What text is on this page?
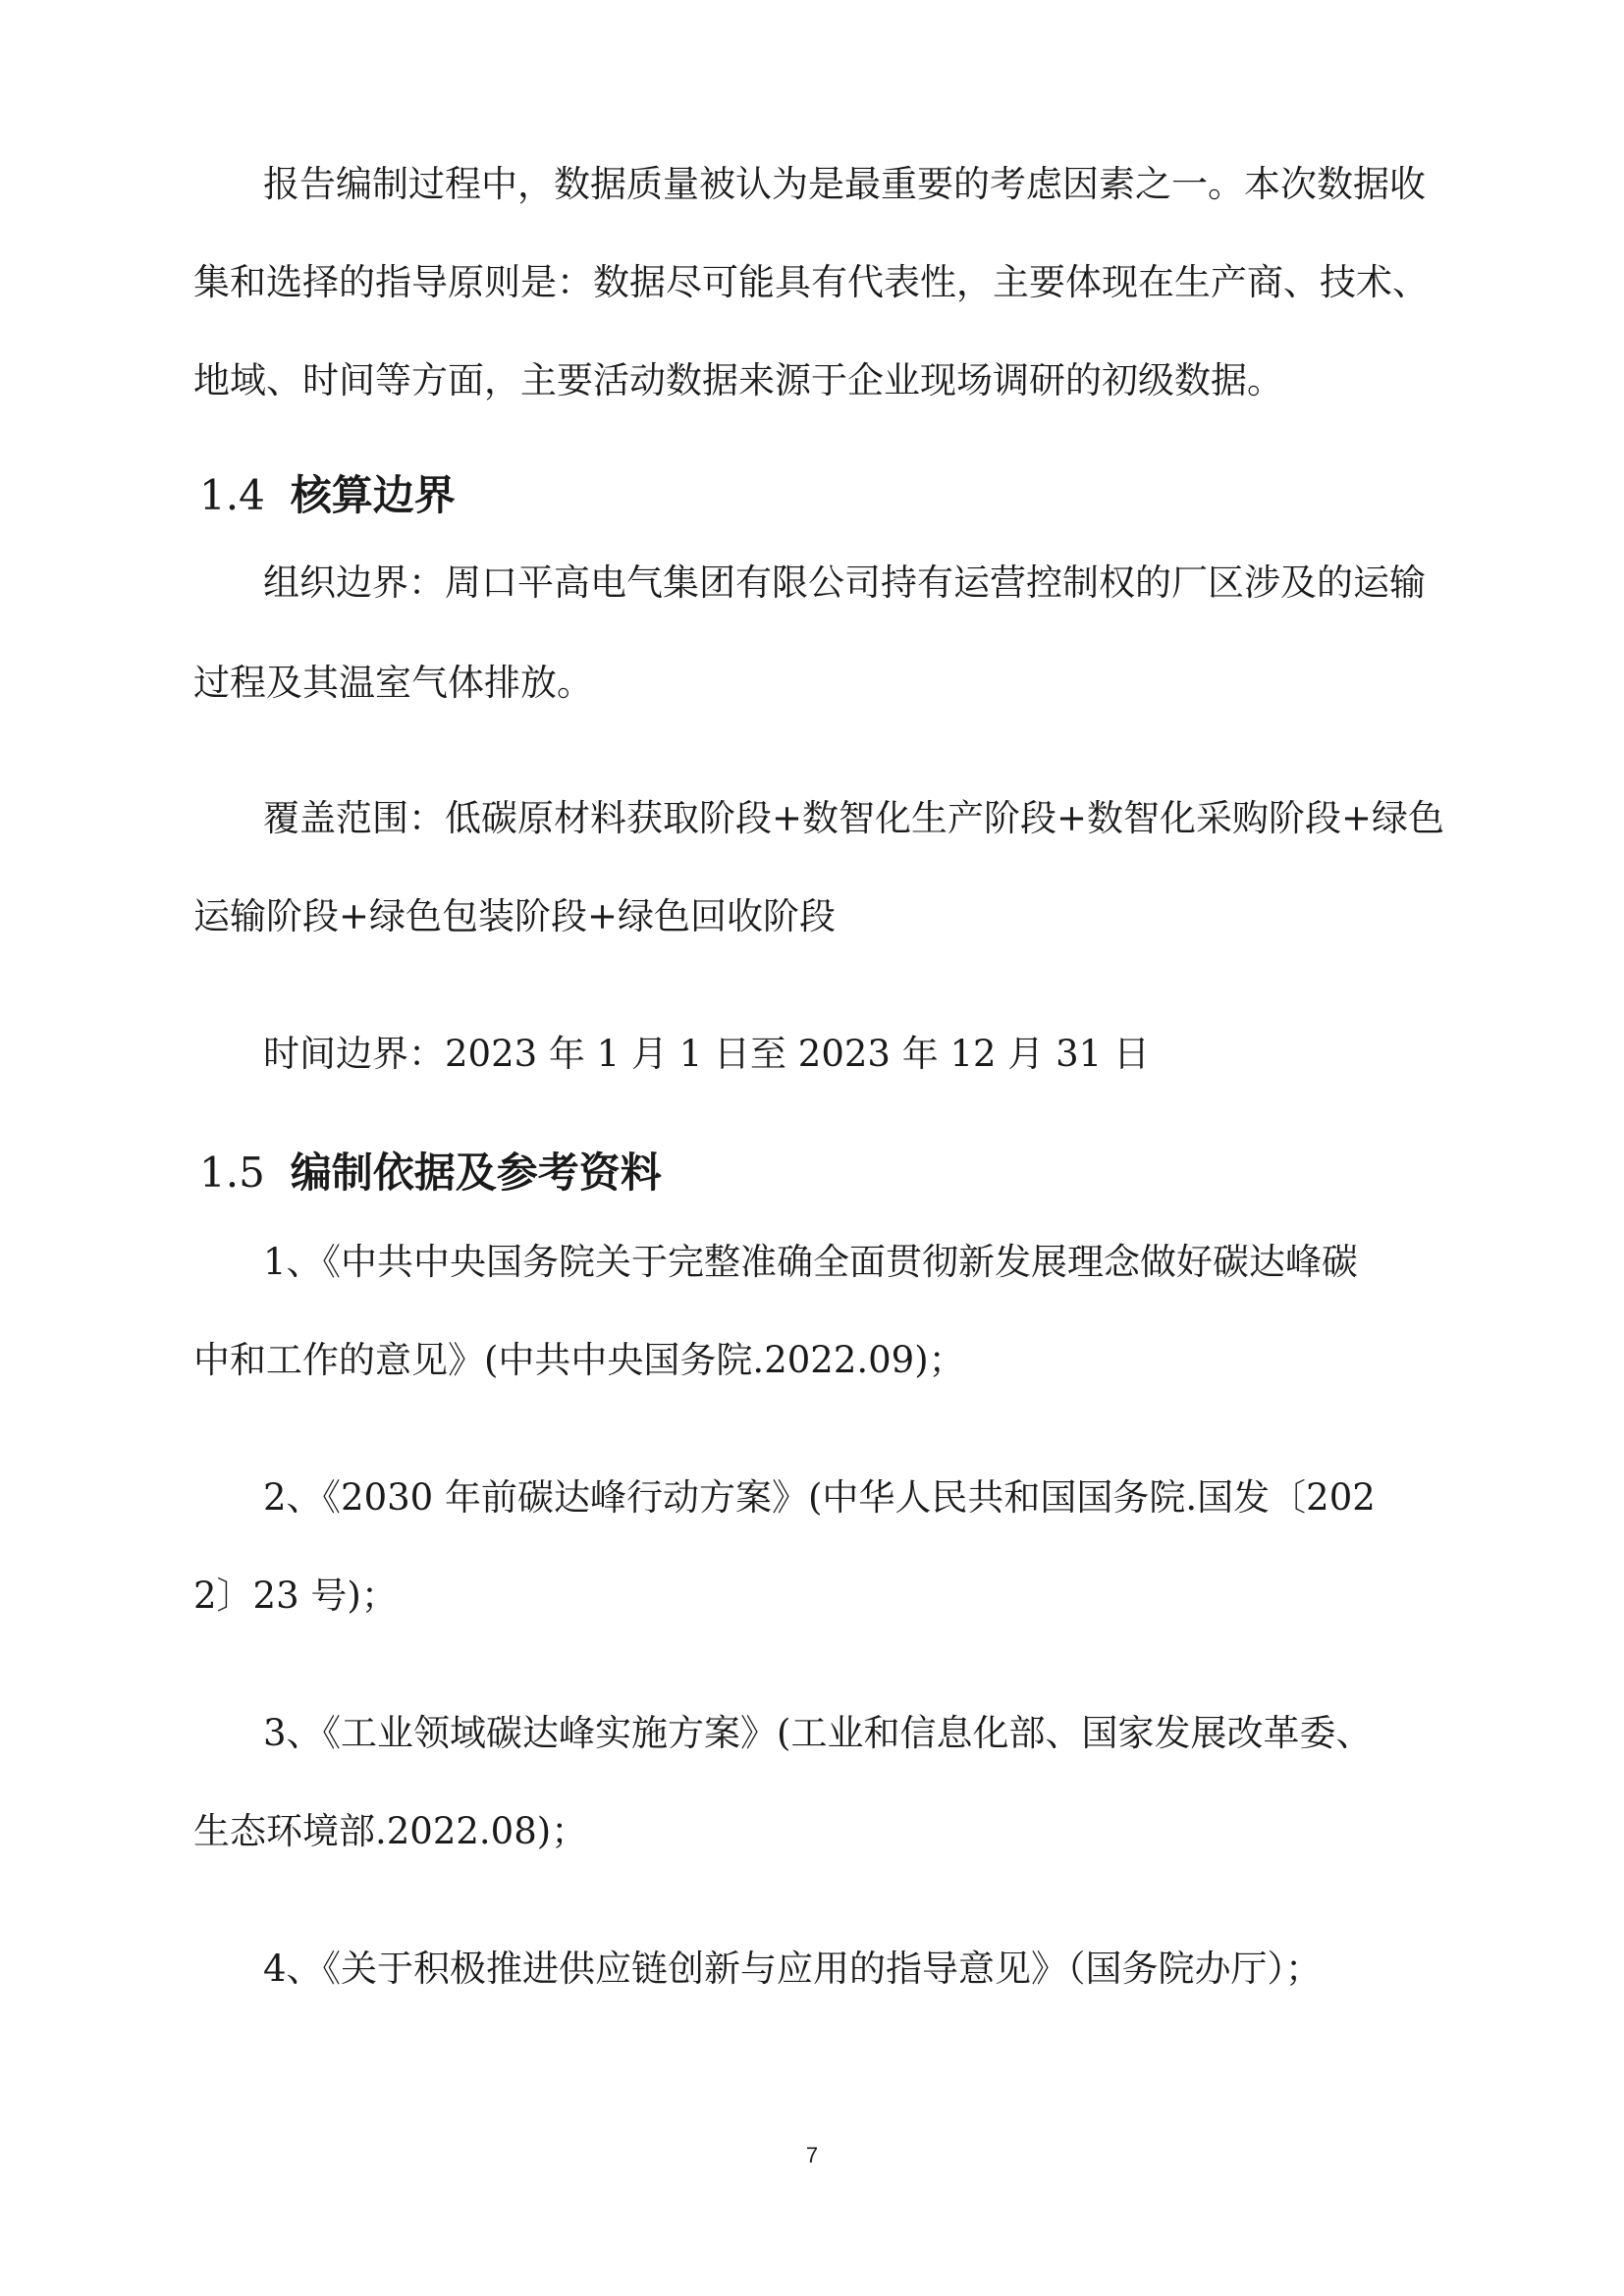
报告编制过程中，数据质量被认为是最重要的考虑因素之一。本次数据收
集和选择的指导原则是：数据尽可能具有代表性，主要体现在生产商、技术、
地域、时间等方面，主要活动数据来源于企业现场调研的初级数据。
1.4 核算边界
组织边界：周口平高电气集团有限公司持有运营控制权的厂区涉及的运输
过程及其温室气体排放。
覆盖范围：低碳原材料获取阶段+数智化生产阶段+数智化采购阶段+绿色
运输阶段+绿色包装阶段+绿色回收阶段
时间边界：2023 年 1 月 1 日至 2023 年 12 月 31 日
1.5 编制依据及参考资料
1、《中共中央国务院关于完整准确全面贯彻新发展理念做好碳达峰碳
中和工作的意见》(中共中央国务院.2022.09)；
2、《2030 年前碳达峰行动方案》(中华人民共和国国务院.国发〔202
2〕23 号)；
3、《工业领域碳达峰实施方案》(工业和信息化部、国家发展改革委、
生态环境部.2022.08)；
4、《关于积极推进供应链创新与应用的指导意见》（国务院办厅）；
7
